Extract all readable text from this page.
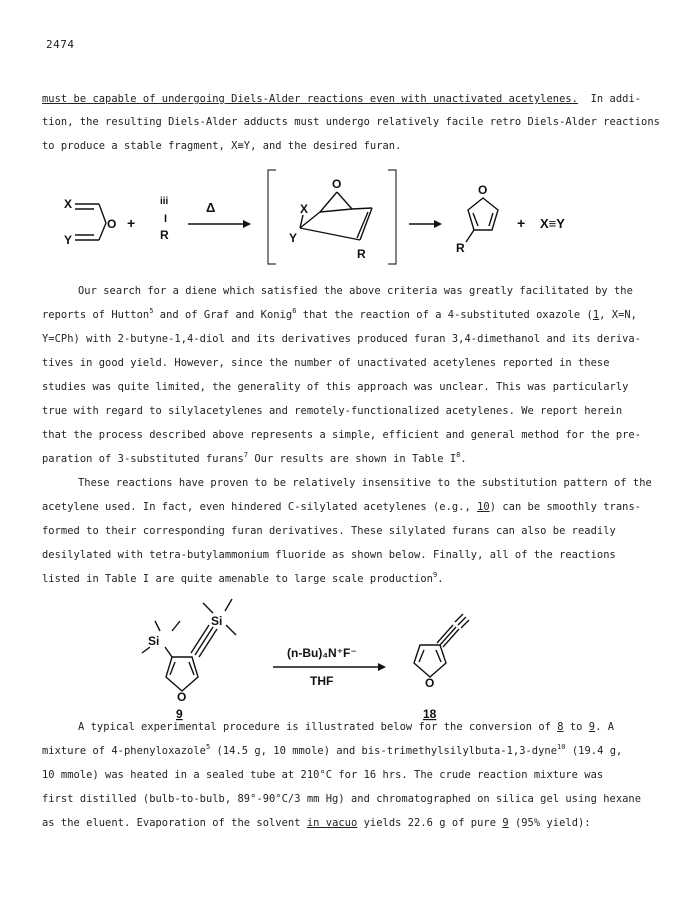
2474
must be capable of undergoing Diels-Alder reactions even with unactivated acetylenes. In addi-
tion, the resulting Diels-Alder adducts must undergo relatively facile retro Diels-Alder reactions
to produce a stable fragment, X≡Y, and the desired furan.
X
Y
O +
iii
I
R
Δ
O
X
Y
R
O
R
+ X≡Y
Our search for a diene which satisfied the above criteria was greatly facilitated by the
reports of Hutton$^5$ and of Graf and Konig$^6$ that the reaction of a 4-substituted oxazole (1, X=N,
Y=CPh) with 2-butyne-1,4-diol and its derivatives produced furan 3,4-dimethanol and its deriva-
tives in good yield. However, since the number of unactivated acetylenes reported in these
studies was quite limited, the generality of this approach was unclear. This was particularly
true with regard to silylacetylenes and remotely-functionalized acetylenes. We report herein
that the process described above represents a simple, efficient and general method for the pre-
paration of 3-substituted furans$^7$ Our results are shown in Table $I^8$.
These reactions have proven to be relatively insensitive to the substitution pattern of the
acetylene used. In fact, even hindered C-silylated acetylenes (e.g., 10) can be smoothly trans-
formed to their corresponding furan derivatives. These silylated furans can also be readily
desilylated with tetra-butylammonium fluoride as shown below. Finally, all of the reactions
listed in Table I are quite amenable to large scale production$^9$.
Si
Si
O
(n-Bu)₄N⁺F⁻
THF	O
9	18
A typical experimental procedure is illustrated below for the conversion of 8 to 9. A
mixture of 4-phenyloxazole$^5$ (14.5 g, 10 mmole) and bis-trimethylsilylbuta-1,3-dyne$^{10}$ (19.4 g,
10 mmole) was heated in a sealed tube at 210°C for 16 hrs. The crude reaction mixture was
first distilled (bulb-to-bulb, 89°-90°C/3 mm Hg) and chromatographed on silica gel using hexane
as the eluent. Evaporation of the solvent in vacuo yields 22.6 g of pure 9 (95% yield):
